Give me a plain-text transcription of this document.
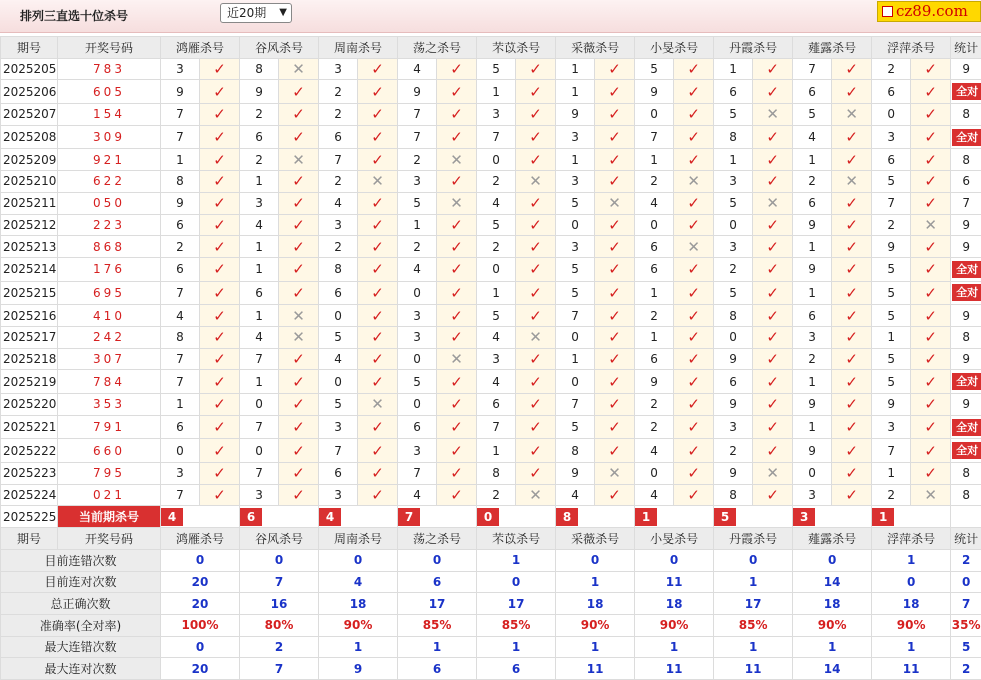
排列三直选十位杀号	近20期 ▼	cz89.com
期号	开奖号码	鸿雁杀号		谷风杀号		周南杀号		荡之杀号		芣苡杀号		采薇杀号		小旻杀号		丹霞杀号		薤露杀号		浮萍杀号		统计
2025205	783	3	✓	8	✕	3	✓	4	✓	5	✓	1	✓	5	✓	1	✓	7	✓	2	✓	9
2025206	605	9	✓	9	✓	2	✓	9	✓	1	✓	1	✓	9	✓	6	✓	6	✓	6	✓	全对
2025207	154	7	✓	2	✓	2	✓	7	✓	3	✓	9	✓	0	✓	5	✕	5	✕	0	✓	8
2025208	309	7	✓	6	✓	6	✓	7	✓	7	✓	3	✓	7	✓	8	✓	4	✓	3	✓	全对
2025209	921	1	✓	2	✕	7	✓	2	✕	0	✓	1	✓	1	✓	1	✓	1	✓	6	✓	8
2025210	622	8	✓	1	✓	2	✕	3	✓	2	✕	3	✓	2	✕	3	✓	2	✕	5	✓	6
2025211	050	9	✓	3	✓	4	✓	5	✕	4	✓	5	✕	4	✓	5	✕	6	✓	7	✓	7
2025212	223	6	✓	4	✓	3	✓	1	✓	5	✓	0	✓	0	✓	0	✓	9	✓	2	✕	9
2025213	868	2	✓	1	✓	2	✓	2	✓	2	✓	3	✓	6	✕	3	✓	1	✓	9	✓	9
2025214	176	6	✓	1	✓	8	✓	4	✓	0	✓	5	✓	6	✓	2	✓	9	✓	5	✓	全对
2025215	695	7	✓	6	✓	6	✓	0	✓	1	✓	5	✓	1	✓	5	✓	1	✓	5	✓	全对
2025216	410	4	✓	1	✕	0	✓	3	✓	5	✓	7	✓	2	✓	8	✓	6	✓	5	✓	9
2025217	242	8	✓	4	✕	5	✓	3	✓	4	✕	0	✓	1	✓	0	✓	3	✓	1	✓	8
2025218	307	7	✓	7	✓	4	✓	0	✕	3	✓	1	✓	6	✓	9	✓	2	✓	5	✓	9
2025219	784	7	✓	1	✓	0	✓	5	✓	4	✓	0	✓	9	✓	6	✓	1	✓	5	✓	全对
2025220	353	1	✓	0	✓	5	✕	0	✓	6	✓	7	✓	2	✓	9	✓	9	✓	9	✓	9
2025221	791	6	✓	7	✓	3	✓	6	✓	7	✓	5	✓	2	✓	3	✓	1	✓	3	✓	全对
2025222	660	0	✓	0	✓	7	✓	3	✓	1	✓	8	✓	4	✓	2	✓	9	✓	7	✓	全对
2025223	795	3	✓	7	✓	6	✓	7	✓	8	✓	9	✕	0	✓	9	✕	0	✓	1	✓	8
2025224	021	7	✓	3	✓	3	✓	4	✓	2	✕	4	✓	4	✓	8	✓	3	✓	2	✕	8
2025225	当前期杀号	4		6		4		7		0		8		1		5		3		1		
期号	开奖号码	鸿雁杀号		谷风杀号		周南杀号		荡之杀号		芣苡杀号		采薇杀号		小旻杀号		丹霞杀号		薤露杀号		浮萍杀号		统计
目前连错次数		0		0		0		0		1		0		0		0		0		1		2
目前连对次数		20		7		4		6		0		1		11		1		14		0		0
总正确次数		20		16		18		17		17		18		18		17		18		18		7
准确率(全对率)		100%		80%		90%		85%		85%		90%		90%		85%		90%		90%		35%
最大连错次数		0		2		1		1		1		1		1		1		1		1		5
最大连对次数		20		7		9		6		6		11		11		11		14		11		2
